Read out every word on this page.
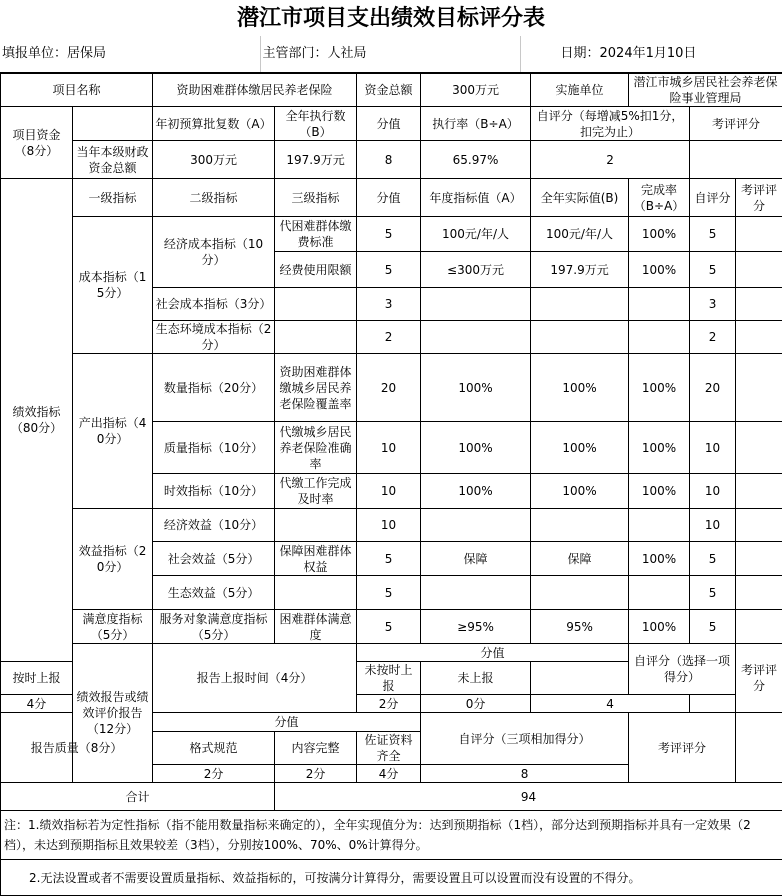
潜江市项目支出绩效目标评分表
填报单位：居保局	主管部门：人社局	日期：2024年1月10日
项目名称		资助困难群体缴居民养老保险		资金总额	300万元	实施单位	潜江市城乡居民社会养老保险事业管理局		
项目资金（8分）		年初预算批复数（A）	全年执行数（B）	分值	执行率（B÷A）	自评分（每增减5%扣1分，扣完为止）		考评评分	
	当年本级财政资金总额	300万元	197.9万元	8	65.97%	2			
绩效指标（80分）	一级指标	二级指标	三级指标	分值	年度指标值（A）	全年实际值(B)	完成率（B÷A）	自评分	考评评分
	成本指标（15分）	经济成本指标（10分）	代困难群体缴费标准	5	100元/年/人	100元/年/人	100%	5	
			经费使用限额	5	≤300万元	197.9万元	100%	5	
		社会成本指标（3分）		3				3	
		生态环境成本指标（2分）		2				2	
	产出指标（40分）	数量指标（20分）	资助困难群体缴城乡居民养老保险覆盖率	20	100%	100%	100%	20	
		质量指标（10分）	代缴城乡居民养老保险准确率	10	100%	100%	100%	10	
		时效指标（10分）	代缴工作完成及时率	10	100%	100%	100%	10	
	效益指标（20分）	经济效益（10分）		10				10	
		社会效益（5分）	保障困难群体权益	5	保障	保障	100%	5	
		生态效益（5分）		5				5	
	满意度指标（5分）	服务对象满意度指标（5分）	困难群体满意度	5	≥95%	95%	100%	5	
	绩效报告或绩效评价报告（12分）	报告上报时间（4分）		分值			自评分（选择一项得分）		考评评分
按时上报				未按时上报	未上报				
4分				2分	0分	4			
报告质量（8分）		分值			自评分（三项相加得分）		考评评分		
		格式规范	内容完整	佐证资料齐全					
		2分	2分	4分	8				
合计			94						
注：1.绩效指标若为定性指标（指不能用数量指标来确定的），全年实现值分为：达到预期指标（1档），部分达到预期指标并具有一定效果（2档），未达到预期指标且效果较差（3档），分别按100%、70%、0%计算得分。									
2.无法设置或者不需要设置质量指标、效益指标的，可按满分计算得分，需要设置且可以设置而没有设置的不得分。									
